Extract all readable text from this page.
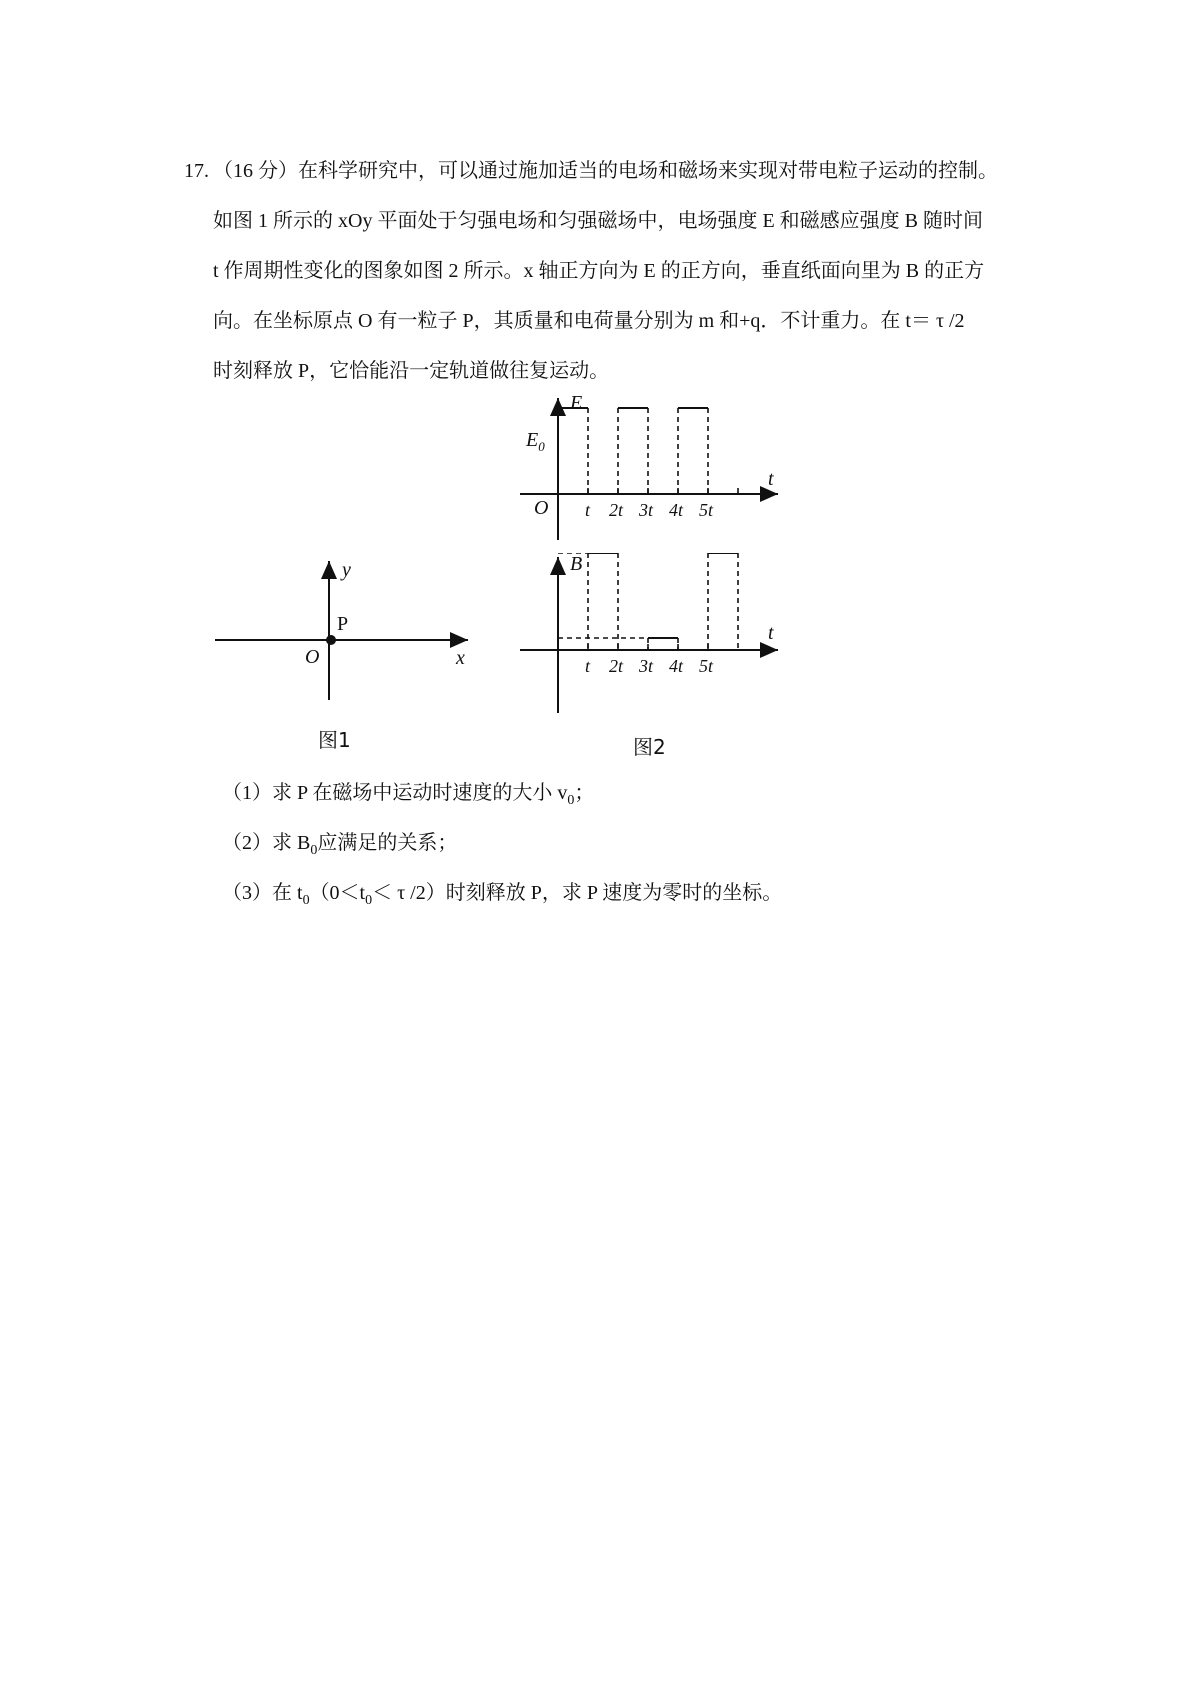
17. （16 分）在科学研究中，可以通过施加适当的电场和磁场来实现对带电粒子运动的控制。
如图 1 所示的 xOy 平面处于匀强电场和匀强磁场中，电场强度 E 和磁感应强度 B 随时间
t 作周期性变化的图象如图 2 所示。x 轴正方向为 E 的正方向，垂直纸面向里为 B 的正方
向。在坐标原点 O 有一粒子 P，其质量和电荷量分别为 m 和+q．不计重力。在 t＝ τ /2
时刻释放 P，它恰能沿一定轨道做往复运动。
y
x
O
P
图1
E
$E_0$
t
O t 2t 3t 4t 5t
B
t
t 2t 3t 4t 5t
图2
（1）求 P 在磁场中运动时速度的大小 $v_0$；
（2）求 $B_0$应满足的关系；
（3）在 $t_0(0<t_0< \tau$ /2）时刻释放 P，求 P 速度为零时的坐标。
